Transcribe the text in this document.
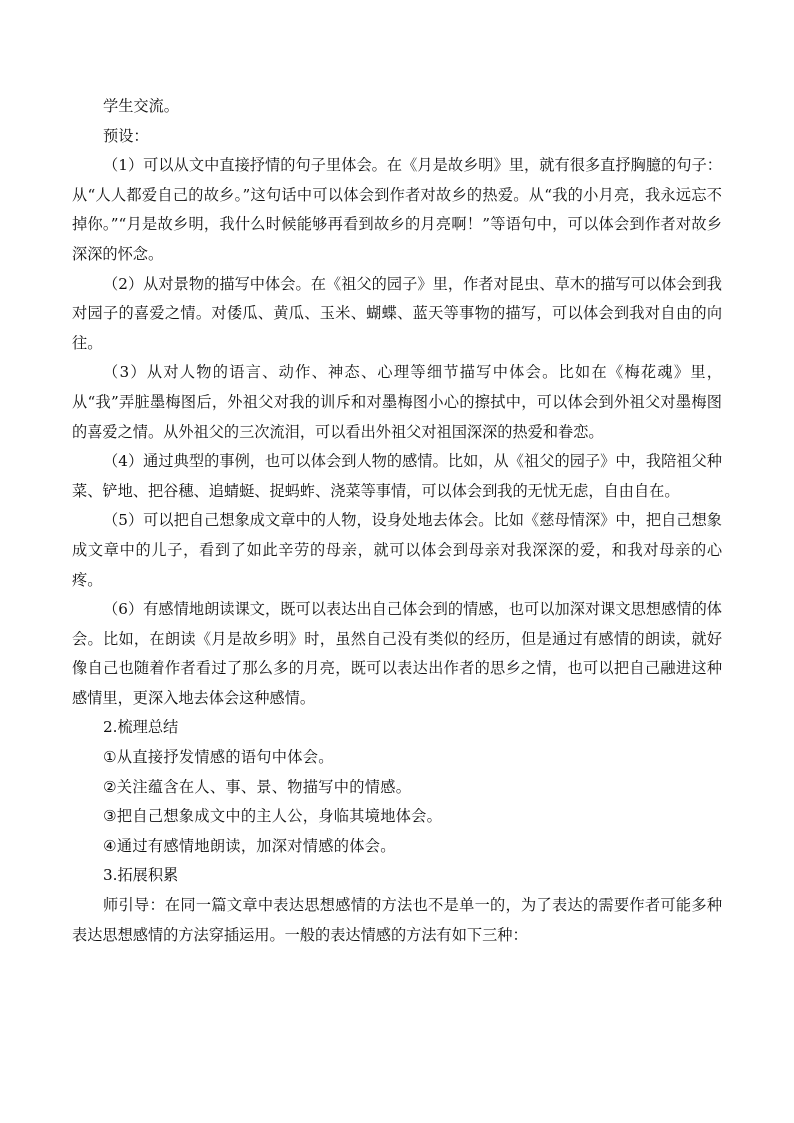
学生交流。

预设：

（1）可以从文中直接抒情的句子里体会。在《月是故乡明》里，就有很多直抒胸臆的句子：从“人人都爱自己的故乡。”这句话中可以体会到作者对故乡的热爱。从“我的小月亮，我永远忘不掉你。”“月是故乡明，我什么时候能够再看到故乡的月亮啊！”等语句中，可以体会到作者对故乡深深的怀念。

（2）从对景物的描写中体会。在《祖父的园子》里，作者对昆虫、草木的描写可以体会到我对园子的喜爱之情。对倭瓜、黄瓜、玉米、蝴蝶、蓝天等事物的描写，可以体会到我对自由的向往。

（3）从对人物的语言、动作、神态、心理等细节描写中体会。比如在《梅花魂》里，从“我”弄脏墨梅图后，外祖父对我的训斥和对墨梅图小心的擦拭中，可以体会到外祖父对墨梅图的喜爱之情。从外祖父的三次流泪，可以看出外祖父对祖国深深的热爱和眷恋。

（4）通过典型的事例，也可以体会到人物的感情。比如，从《祖父的园子》中，我陪祖父种菜、铲地、把谷穗、追蜻蜓、捉蚂蚱、浇菜等事情，可以体会到我的无忧无虑，自由自在。

（5）可以把自己想象成文章中的人物，设身处地去体会。比如《慈母情深》中，把自己想象成文章中的儿子，看到了如此辛劳的母亲，就可以体会到母亲对我深深的爱，和我对母亲的心疼。

（6）有感情地朗读课文，既可以表达出自己体会到的情感，也可以加深对课文思想感情的体会。比如，在朗读《月是故乡明》时，虽然自己没有类似的经历，但是通过有感情的朗读，就好像自己也随着作者看过了那么多的月亮，既可以表达出作者的思乡之情，也可以把自己融进这种感情里，更深入地去体会这种感情。

2.梳理总结

①从直接抒发情感的语句中体会。

②关注蕴含在人、事、景、物描写中的情感。

③把自己想象成文中的主人公，身临其境地体会。

④通过有感情地朗读，加深对情感的体会。

3.拓展积累

师引导：在同一篇文章中表达思想感情的方法也不是单一的，为了表达的需要作者可能多种表达思想感情的方法穿插运用。一般的表达情感的方法有如下三种：
